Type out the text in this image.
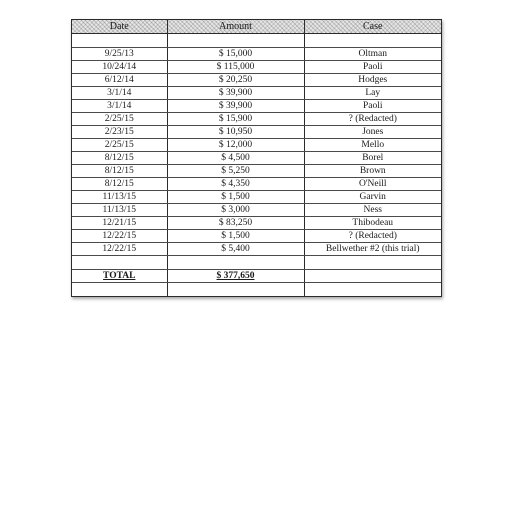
Date	Amount	Case

9/25/13	$ 15,000	Oltman
10/24/14	$ 115,000	Paoli
6/12/14	$ 20,250	Hodges
3/1/14	$ 39,900	Lay
3/1/14	$ 39,900	Paoli
2/25/15	$ 15,900	? (Redacted)
2/23/15	$ 10,950	Jones
2/25/15	$ 12,000	Mello
8/12/15	$ 4,500	Borel
8/12/15	$ 5,250	Brown
8/12/15	$ 4,350	O'Neill
11/13/15	$ 1,500	Garvin
11/13/15	$ 3,000	Ness
12/21/15	$ 83,250	Thibodeau
12/22/15	$ 1,500	? (Redacted)
12/22/15	$ 5,400	Bellwether #2 (this trial)

TOTAL	$ 377,650	
